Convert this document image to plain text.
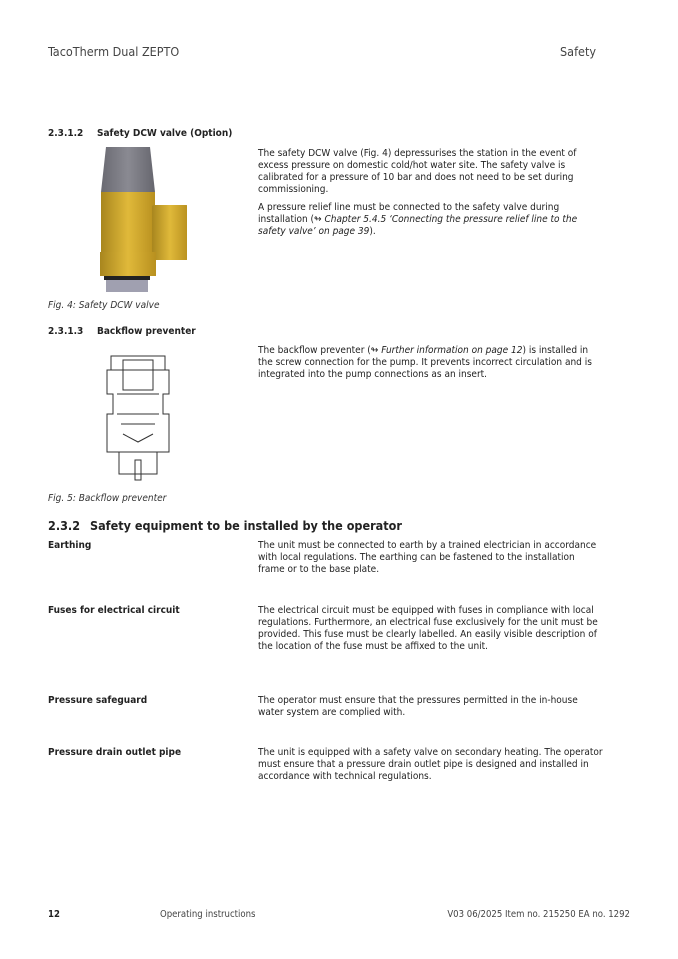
TacoTherm Dual ZEPTO	Safety
2.3.1.2 Safety DCW valve (Option)

The safety DCW valve (Fig. 4) depressurises the station in the event of excess pressure on domestic cold/hot water site. The safety valve is calibrated for a pressure of 10 bar and does not need to be set during commissioning.

A pressure relief line must be connected to the safety valve during installation (↬ Chapter 5.4.5 ‘Connecting the pressure relief line to the safety valve’ on page 39).

Fig. 4: Safety DCW valve
2.3.1.3 Backflow preventer

The backflow preventer (↬ Further information on page 12) is installed in the screw connection for the pump. It prevents incorrect circulation and is integrated into the pump connections as an insert.

Fig. 5: Backflow preventer
2.3.2 Safety equipment to be installed by the operator
Earthing	The unit must be connected to earth by a trained electrician in accordance with local regulations. The earthing can be fastened to the installation frame or to the base plate.
Fuses for electrical circuit	The electrical circuit must be equipped with fuses in compliance with local regulations. Furthermore, an electrical fuse exclusively for the unit must be provided. This fuse must be clearly labelled. An easily visible description of the location of the fuse must be affixed to the unit.
Pressure safeguard	The operator must ensure that the pressures permitted in the in-house water system are complied with.
Pressure drain outlet pipe	The unit is equipped with a safety valve on secondary heating. The operator must ensure that a pressure drain outlet pipe is designed and installed in accordance with technical regulations.
12	Operating instructions	V03 06/2025 Item no. 215250 EA no. 1292
